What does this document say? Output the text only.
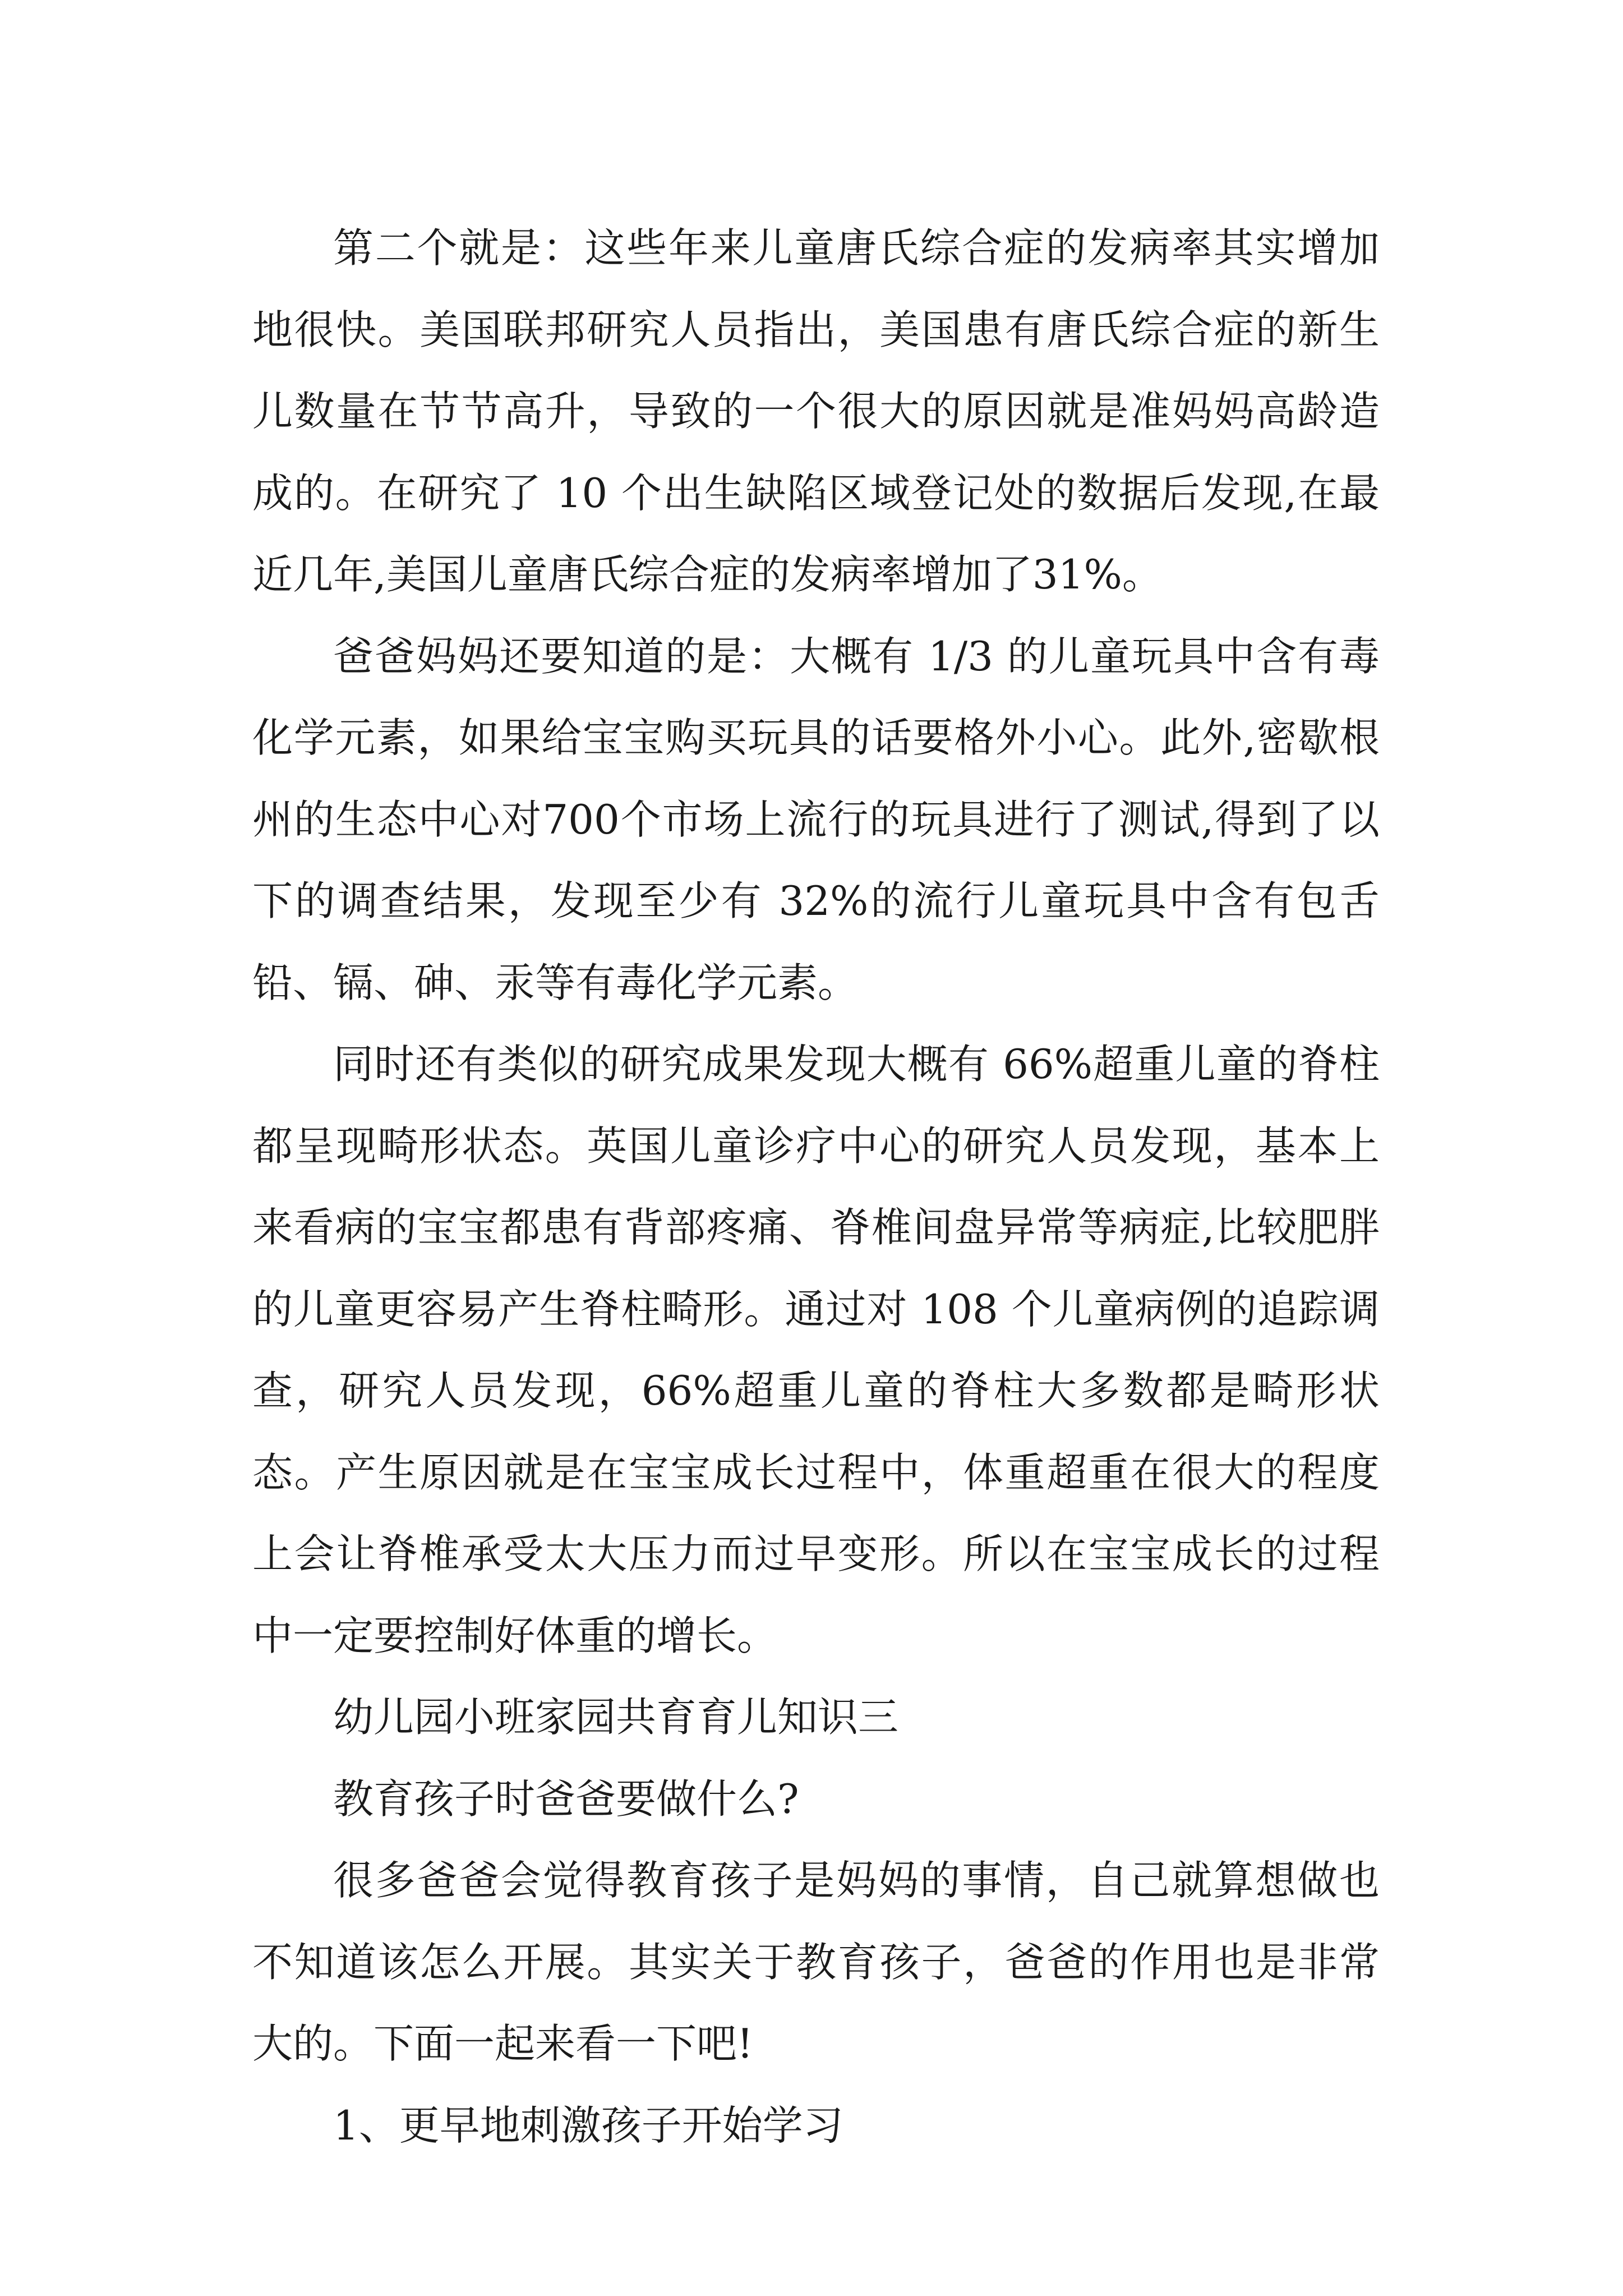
第二个就是：这些年来儿童唐氏综合症的发病率其实增加地很快。美国联邦研究人员指出，美国患有唐氏综合症的新生儿数量在节节高升，导致的一个很大的原因就是准妈妈高龄造成的。在研究了 10 个出生缺陷区域登记处的数据后发现,在最近几年,美国儿童唐氏综合症的发病率增加了31%。

爸爸妈妈还要知道的是：大概有 1/3 的儿童玩具中含有毒化学元素，如果给宝宝购买玩具的话要格外小心。此外,密歇根州的生态中心对700个市场上流行的玩具进行了测试,得到了以下的调查结果，发现至少有 32%的流行儿童玩具中含有包舌铅、镉、砷、汞等有毒化学元素。

同时还有类似的研究成果发现大概有 66%超重儿童的脊柱都呈现畸形状态。英国儿童诊疗中心的研究人员发现，基本上来看病的宝宝都患有背部疼痛、脊椎间盘异常等病症,比较肥胖的儿童更容易产生脊柱畸形。通过对 108 个儿童病例的追踪调查，研究人员发现，66%超重儿童的脊柱大多数都是畸形状态。产生原因就是在宝宝成长过程中，体重超重在很大的程度上会让脊椎承受太大压力而过早变形。所以在宝宝成长的过程中一定要控制好体重的增长。

幼儿园小班家园共育育儿知识三

教育孩子时爸爸要做什么?

很多爸爸会觉得教育孩子是妈妈的事情，自己就算想做也不知道该怎么开展。其实关于教育孩子，爸爸的作用也是非常大的。下面一起来看一下吧!

1、更早地刺激孩子开始学习
